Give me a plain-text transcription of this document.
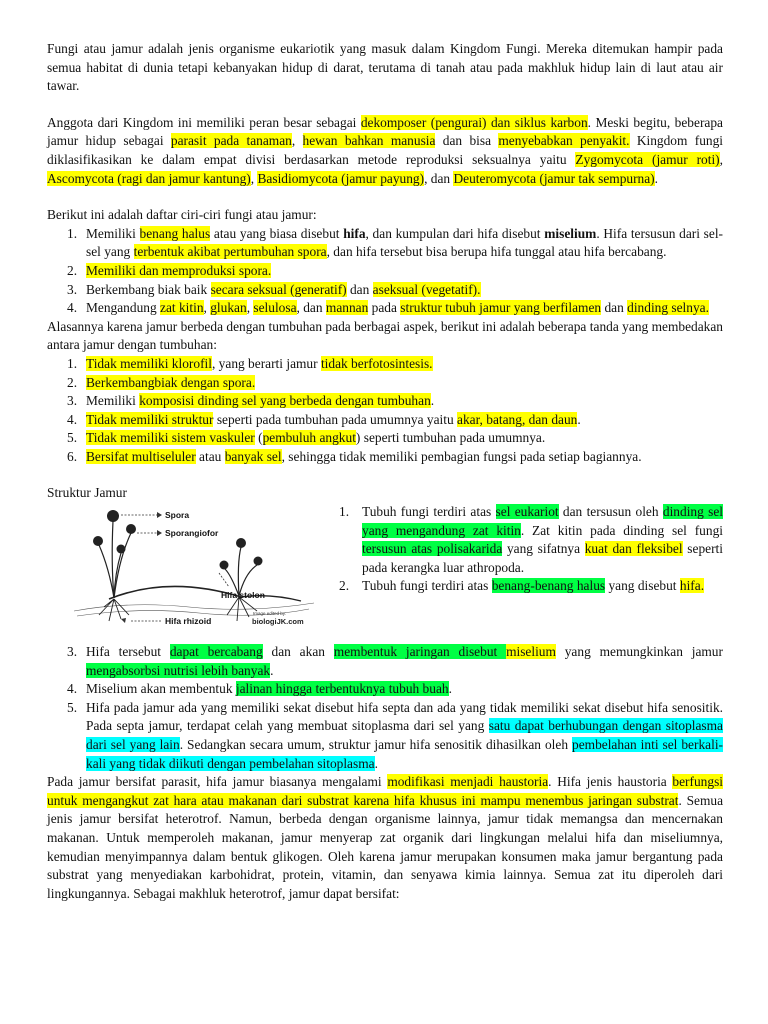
Fungi atau jamur adalah jenis organisme eukariotik yang masuk dalam Kingdom Fungi. Mereka ditemukan hampir pada semua habitat di dunia tetapi kebanyakan hidup di darat, terutama di tanah atau pada makhluk hidup lain di laut atau air tawar.

Anggota dari Kingdom ini memiliki peran besar sebagai dekomposer (pengurai) dan siklus karbon. Meski begitu, beberapa jamur hidup sebagai parasit pada tanaman, hewan bahkan manusia dan bisa menyebabkan penyakit. Kingdom fungi diklasifikasikan ke dalam empat divisi berdasarkan metode reproduksi seksualnya yaitu Zygomycota (jamur roti), Ascomycota (ragi dan jamur kantung), Basidiomycota (jamur payung), dan Deuteromycota (jamur tak sempurna).

Berikut ini adalah daftar ciri-ciri fungi atau jamur:

1. Memiliki benang halus atau yang biasa disebut hifa, dan kumpulan dari hifa disebut miselium. Hifa tersusun dari sel-sel yang terbentuk akibat pertumbuhan spora, dan hifa tersebut bisa berupa hifa tunggal atau hifa bercabang.
2. Memiliki dan memproduksi spora.
3. Berkembang biak baik secara seksual (generatif) dan aseksual (vegetatif).
4. Mengandung zat kitin, glukan, selulosa, dan mannan pada struktur tubuh jamur yang berfilamen dan dinding selnya.

Alasannya karena jamur berbeda dengan tumbuhan pada berbagai aspek, berikut ini adalah beberapa tanda yang membedakan antara jamur dengan tumbuhan:

1. Tidak memiliki klorofil, yang berarti jamur tidak berfotosintesis.
2. Berkembangbiak dengan spora.
3. Memiliki komposisi dinding sel yang berbeda dengan tumbuhan.
4. Tidak memiliki struktur seperti pada tumbuhan pada umumnya yaitu akar, batang, dan daun.
5. Tidak memiliki sistem vaskuler (pembuluh angkut) seperti tumbuhan pada umumnya.
6. Bersifat multiseluler atau banyak sel, sehingga tidak memiliki pembagian fungsi pada setiap bagiannya.

Struktur Jamur

Spora
Sporangiofor
Hifa stolon
Hifa rhizoid
Image edited by:
biologiJK.com
1. Tubuh fungi terdiri atas sel eukariot dan tersusun oleh dinding sel yang mengandung zat kitin. Zat kitin pada dinding sel fungi tersusun atas polisakarida yang sifatnya kuat dan fleksibel seperti pada kerangka luar athropoda.
2. Tubuh fungi terdiri atas benang-benang halus yang disebut hifa.
3. Hifa tersebut dapat bercabang dan akan membentuk jaringan disebut miselium yang memungkinkan jamur mengabsorbsi nutrisi lebih banyak.
4. Miselium akan membentuk jalinan hingga terbentuknya tubuh buah.
5. Hifa pada jamur ada yang memiliki sekat disebut hifa septa dan ada yang tidak memiliki sekat disebut hifa senositik. Pada septa jamur, terdapat celah yang membuat sitoplasma dari sel yang satu dapat berhubungan dengan sitoplasma dari sel yang lain. Sedangkan secara umum, struktur jamur hifa senositik dihasilkan oleh pembelahan inti sel berkali-kali yang tidak diikuti dengan pembelahan sitoplasma.

Pada jamur bersifat parasit, hifa jamur biasanya mengalami modifikasi menjadi haustoria. Hifa jenis haustoria berfungsi untuk mengangkut zat hara atau makanan dari substrat karena hifa khusus ini mampu menembus jaringan substrat. Semua jenis jamur bersifat heterotrof. Namun, berbeda dengan organisme lainnya, jamur tidak memangsa dan mencernakan makanan. Untuk memperoleh makanan, jamur menyerap zat organik dari lingkungan melalui hifa dan miseliumnya, kemudian menyimpannya dalam bentuk glikogen. Oleh karena jamur merupakan konsumen maka jamur bergantung pada substrat yang menyediakan karbohidrat, protein, vitamin, dan senyawa kimia lainnya. Semua zat itu diperoleh dari lingkungannya. Sebagai makhluk heterotrof, jamur dapat bersifat:
